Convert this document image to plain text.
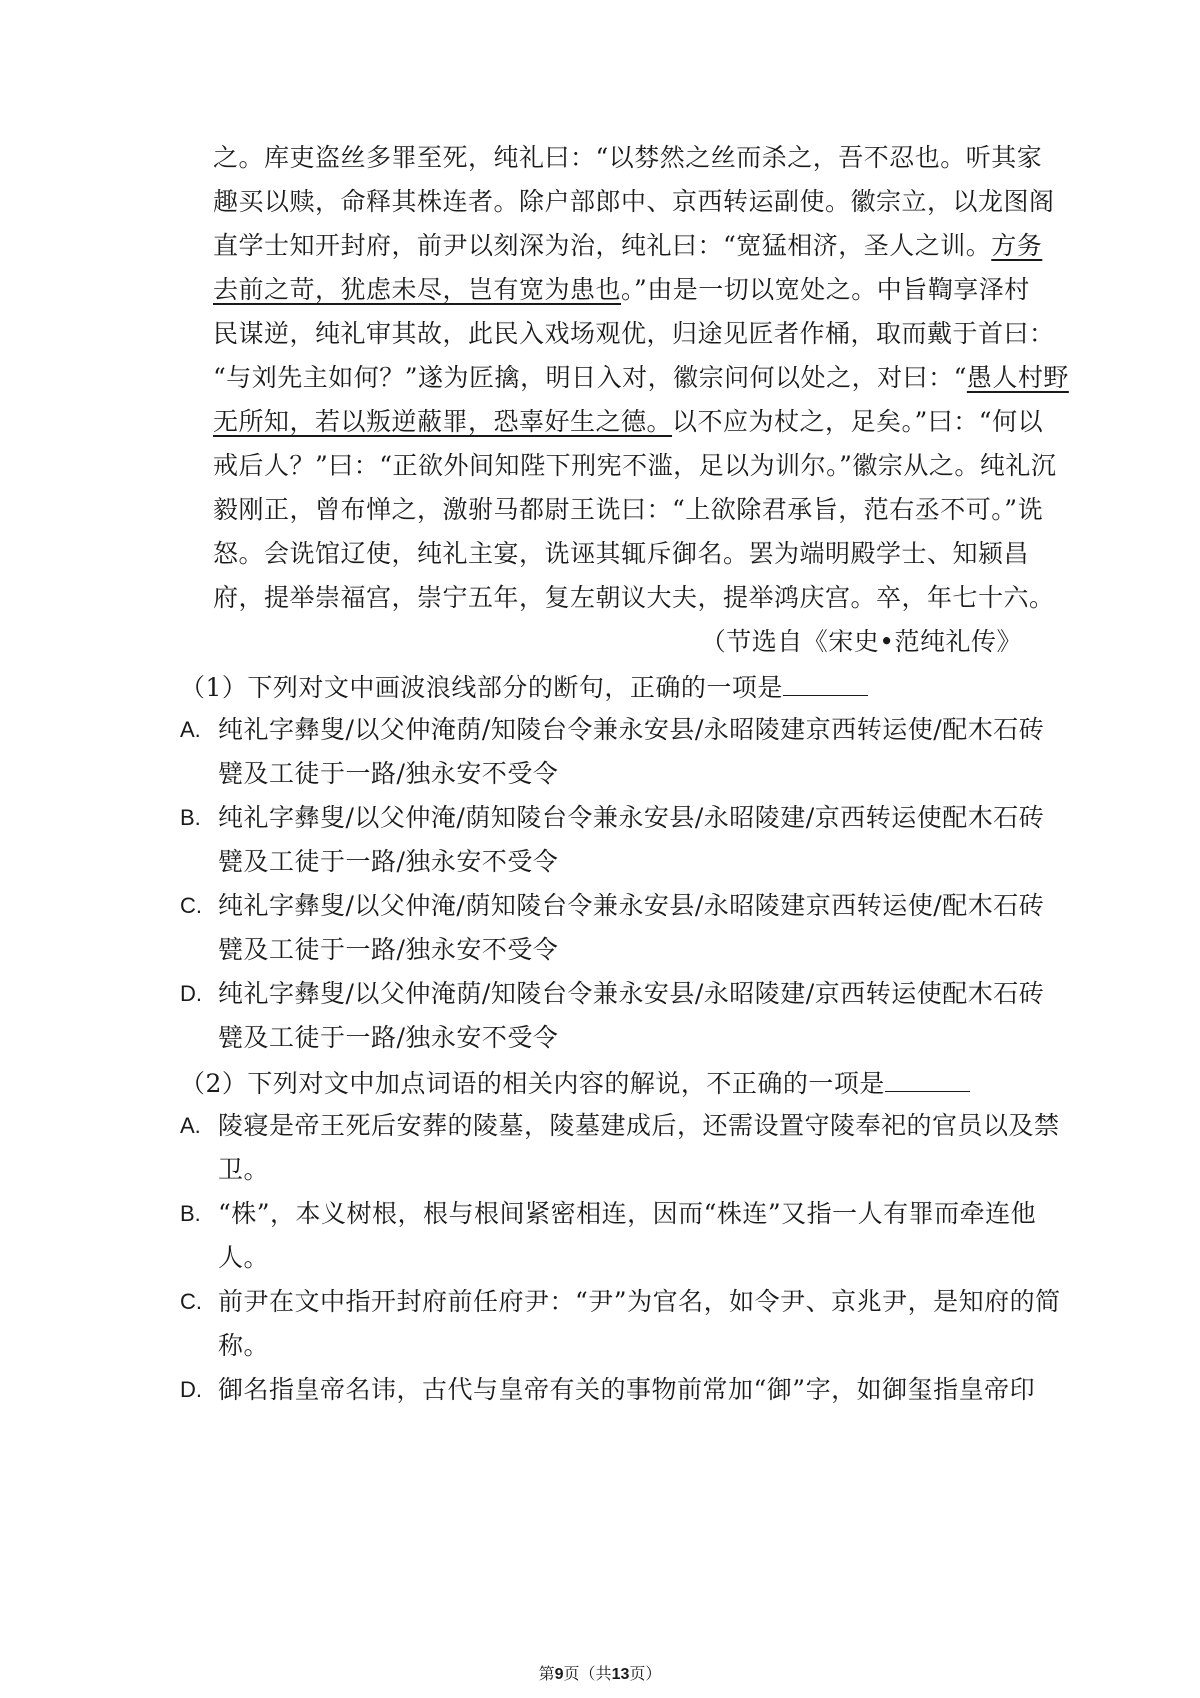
之。库吏盗丝多罪至死，纯礼曰：“以棼然之丝而杀之，吾不忍也。听其家
趣买以赎，命释其株连者。除户部郎中、京西转运副使。徽宗立，以龙图阁
直学士知开封府，前尹以刻深为治，纯礼曰：“宽猛相济，圣人之训。方务
去前之苛，犹虑未尽，岂有宽为患也。”由是一切以宽处之。中旨鞫享泽村
民谋逆，纯礼审其故，此民入戏场观优，归途见匠者作桶，取而戴于首曰：
“与刘先主如何？”遂为匠擒，明日入对，徽宗问何以处之，对曰：“愚人村野
无所知，若以叛逆蔽罪，恐辜好生之德。以不应为杖之，足矣。”曰：“何以
戒后人？”曰：“正欲外间知陛下刑宪不滥，足以为训尔。”徽宗从之。纯礼沉
毅刚正，曾布惮之，激驸马都尉王诜曰：“上欲除君承旨，范右丞不可。”诜
怒。会诜馆辽使，纯礼主宴，诜诬其辄斥御名。罢为端明殿学士、知颍昌
府，提举崇福宫，崇宁五年，复左朝议大夫，提举鸿庆宫。卒，年七十六。
（节选自《宋史•范纯礼传》
（1）下列对文中画波浪线部分的断句，正确的一项是
A. 纯礼字彝叟/以父仲淹荫/知陵台令兼永安县/永昭陵建京西转运使/配木石砖
甓及工徒于一路/独永安不受令
B. 纯礼字彝叟/以父仲淹/荫知陵台令兼永安县/永昭陵建/京西转运使配木石砖
甓及工徒于一路/独永安不受令
C. 纯礼字彝叟/以父仲淹/荫知陵台令兼永安县/永昭陵建京西转运使/配木石砖
甓及工徒于一路/独永安不受令
D. 纯礼字彝叟/以父仲淹荫/知陵台令兼永安县/永昭陵建/京西转运使配木石砖
甓及工徒于一路/独永安不受令
（2）下列对文中加点词语的相关内容的解说，不正确的一项是
A. 陵寝是帝王死后安葬的陵墓，陵墓建成后，还需设置守陵奉祀的官员以及禁
卫。
B. “株”，本义树根，根与根间紧密相连，因而“株连”又指一人有罪而牵连他
人。
C. 前尹在文中指开封府前任府尹：“尹”为官名，如令尹、京兆尹，是知府的简
称。
D. 御名指皇帝名讳，古代与皇帝有关的事物前常加“御”字，如御玺指皇帝印
第9页（共13页）
